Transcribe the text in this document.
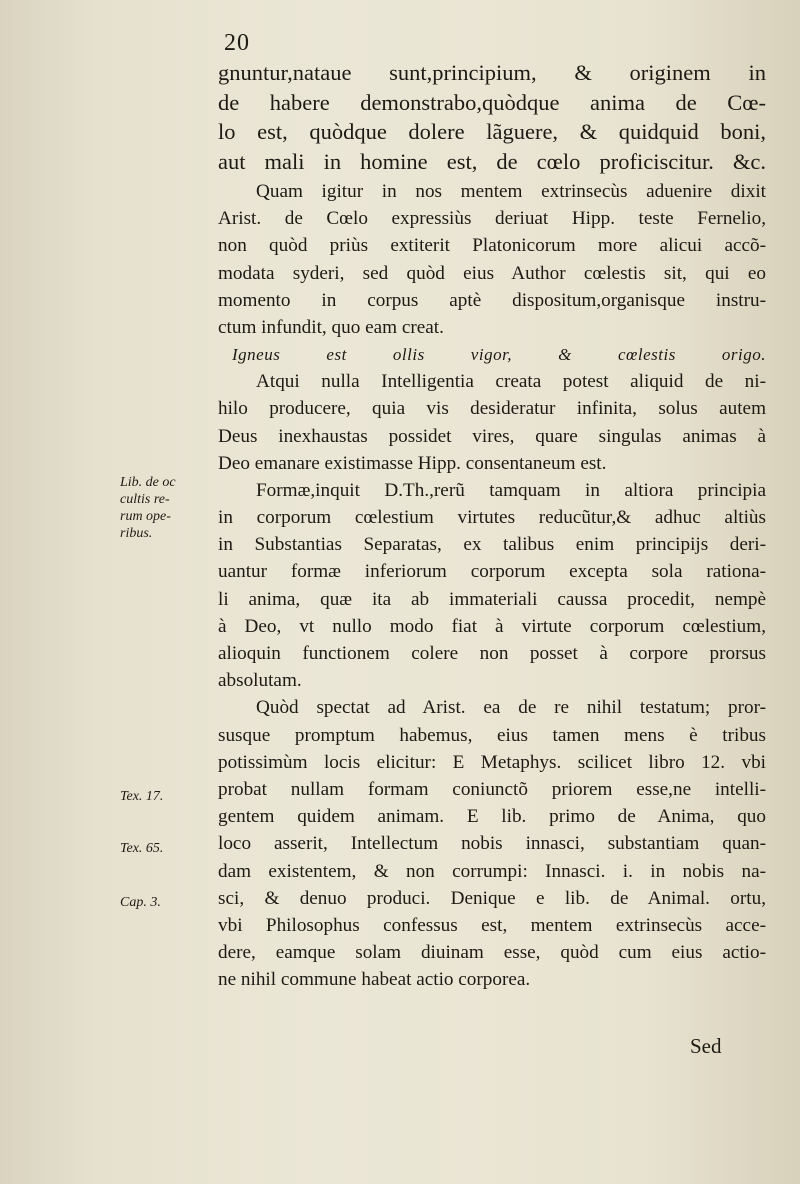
20
gnuntur,nataue sunt,principium, & originem in
de habere demonstrabo,quòdque anima de Cœ-
lo est, quòdque dolere lãguere, & quidquid boni,
aut mali in homine est, de cœlo proficiscitur. &c.
Quam igitur in nos mentem extrinsecùs aduenire dixit
Arist. de Cœlo expressiùs deriuat Hipp. teste Fernelio,
non quòd priùs extiterit Platonicorum more alicui accõ-
modata syderi, sed quòd eius Author cœlestis sit, qui eo
momento in corpus aptè dispositum,organisque instru-
ctum infundit, quo eam creat.
Igneus est ollis vigor, & cœlestis origo.
Atqui nulla Intelligentia creata potest aliquid de ni-
hilo producere, quia vis desideratur infinita, solus autem
Deus inexhaustas possidet vires, quare singulas animas à
Deo emanare existimasse Hipp. consentaneum est.
Formæ,inquit D.Th.,rerũ tamquam in altiora principia
in corporum cœlestium virtutes reducũtur,& adhuc altiùs
in Substantias Separatas, ex talibus enim principijs deri-
uantur formæ inferiorum corporum excepta sola rationa-
li anima, quæ ita ab immateriali caussa procedit, nempè
à Deo, vt nullo modo fiat à virtute corporum cœlestium,
alioquin functionem colere non posset à corpore prorsus
absolutam.
Quòd spectat ad Arist. ea de re nihil testatum; pror-
susque promptum habemus, eius tamen mens è tribus
potissimùm locis elicitur: E Metaphys. scilicet libro 12. vbi
probat nullam formam coniunctõ priorem esse,ne intelli-
gentem quidem animam. E lib. primo de Anima, quo
loco asserit, Intellectum nobis innasci, substantiam quan-
dam existentem, & non corrumpi: Innasci. i. in nobis na-
sci, & denuo produci. Denique e lib. de Animal. ortu,
vbi Philosophus confessus est, mentem extrinsecùs acce-
dere, eamque solam diuinam esse, quòd cum eius actio-
ne nihil commune habeat actio corporea.
Lib. de oc
cultis re-
rum ope-
ribus.
Tex. 17.
Tex. 65.
Cap. 3.
Sed
